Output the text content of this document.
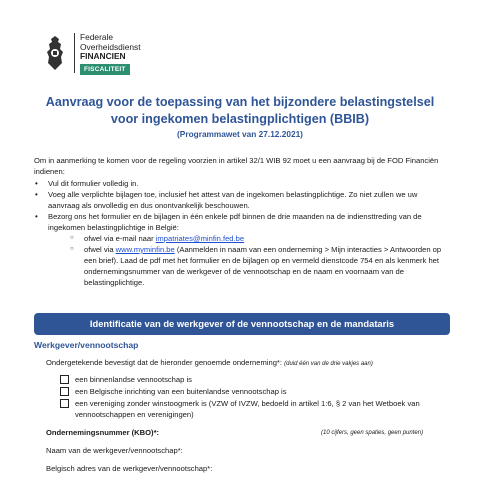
Federale
Overheidsdienst
FINANCIEN
FISCALITEIT
Aanvraag voor de toepassing van het bijzondere belastingstelsel
voor ingekomen belastingplichtigen (BBIB)
(Programmawet van 27.12.2021)

Om in aanmerking te komen voor de regeling voorzien in artikel 32/1 WIB 92 moet u een aanvraag bij de FOD Financiën indienen:

• Vul dit formulier volledig in.
• Voeg alle verplichte bijlagen toe, inclusief het attest van de ingekomen belastingplichtige. Zo niet zullen we uw aanvraag als onvolledig en dus onontvankelijk beschouwen.
• Bezorg ons het formulier en de bijlagen in één enkele pdf binnen de drie maanden na de indiensttreding van de ingekomen belastingplichtige in België:
○ ofwel via e-mail naar impatriates@minfin.fed.be
○ ofwel via www.myminfin.be (Aanmelden in naam van een onderneming > Mijn interacties > Antwoorden op een brief). Laad de pdf met het formulier en de bijlagen op en vermeld dienstcode 754 en als kenmerk het ondernemingsnummer van de werkgever of de vennootschap en de naam en voornaam van de belastingplichtige.
Identificatie van de werkgever of de vennootschap en de mandataris
Werkgever/vennootschap
Ondergetekende bevestigt dat de hieronder genoemde onderneming*: (duid één van de drie vakjes aan)
een binnenlandse vennootschap is
een Belgische inrichting van een buitenlandse vennootschap is
een vereniging zonder winstoogmerk is (VZW of IVZW, bedoeld in artikel 1:6, § 2 van het Wetboek van vennootschappen en verenigingen)
Ondernemingsnummer (KBO)*:	(10 cijfers, geen spaties, geen punten)
Naam van de werkgever/vennootschap*:
Belgisch adres van de werkgever/vennootschap*:
